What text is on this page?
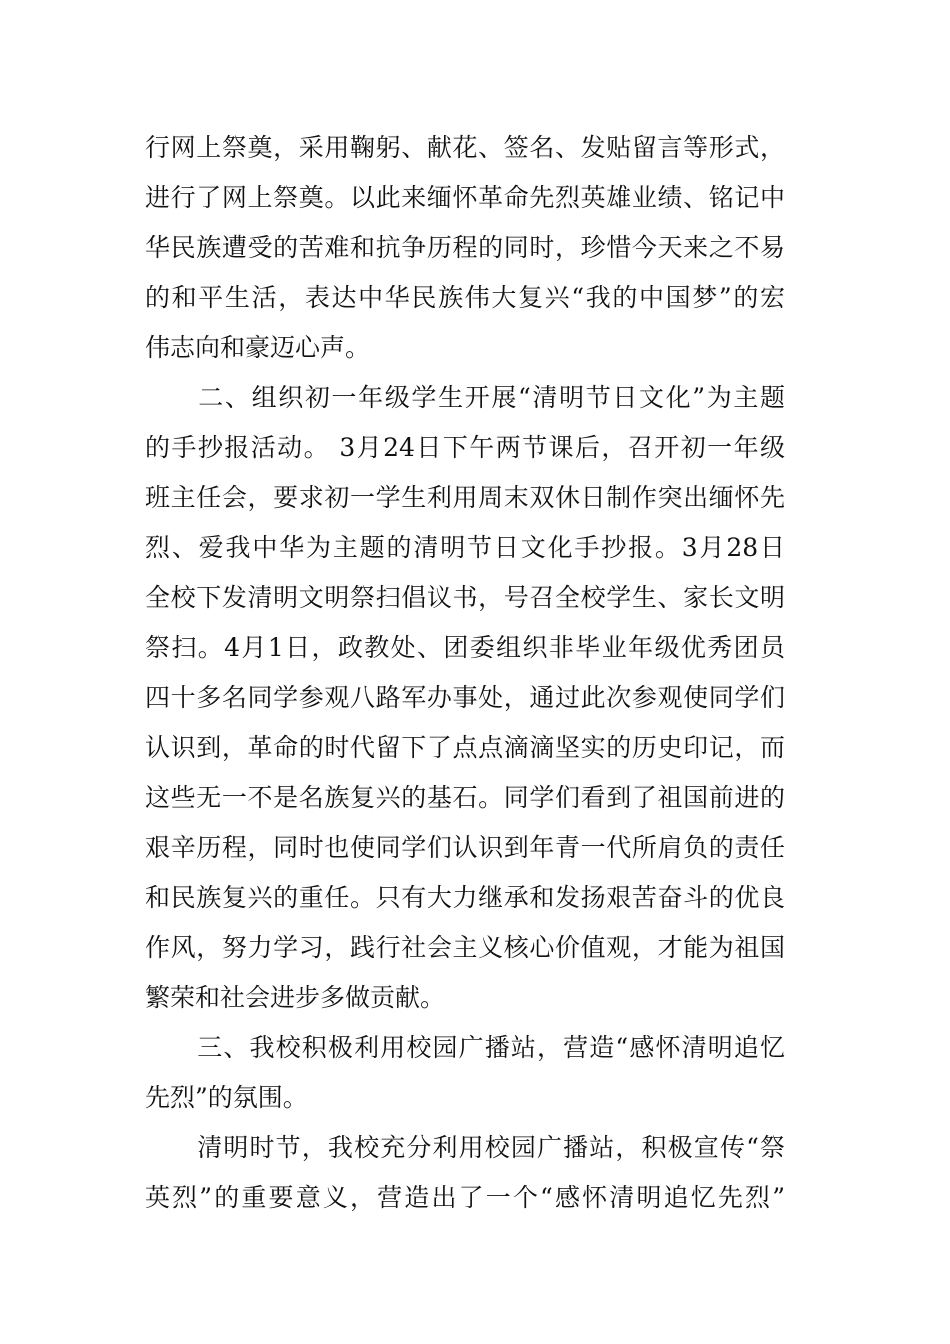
行网上祭奠，采用鞠躬、献花、签名、发贴留言等形式，
进行了网上祭奠。以此来缅怀革命先烈英雄业绩、铭记中
华民族遭受的苦难和抗争历程的同时，珍惜今天来之不易
的和平生活，表达中华民族伟大复兴“我的中国梦”的宏
伟志向和豪迈心声。
　　二、组织初一年级学生开展“清明节日文化”为主题
的手抄报活动。 3月24日下午两节课后，召开初一年级
班主任会，要求初一学生利用周末双休日制作突出缅怀先
烈、爱我中华为主题的清明节日文化手抄报。3月28日
全校下发清明文明祭扫倡议书，号召全校学生、家长文明
祭扫。4月1日，政教处、团委组织非毕业年级优秀团员
四十多名同学参观八路军办事处，通过此次参观使同学们
认识到，革命的时代留下了点点滴滴坚实的历史印记，而
这些无一不是名族复兴的基石。同学们看到了祖国前进的
艰辛历程，同时也使同学们认识到年青一代所肩负的责任
和民族复兴的重任。只有大力继承和发扬艰苦奋斗的优良
作风，努力学习，践行社会主义核心价值观，才能为祖国
繁荣和社会进步多做贡献。
　　三、我校积极利用校园广播站，营造“感怀清明追忆
先烈”的氛围。
　　清明时节，我校充分利用校园广播站，积极宣传“祭
英烈”的重要意义，营造出了一个“感怀清明追忆先烈”
